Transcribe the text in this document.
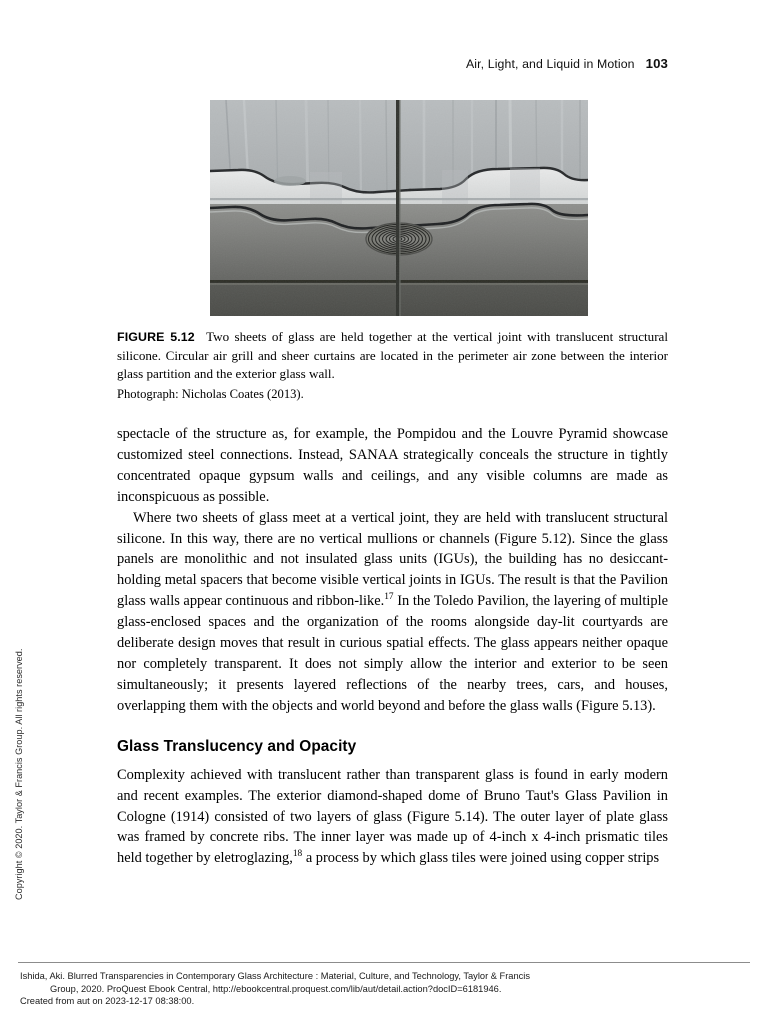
Air, Light, and Liquid in Motion 103
FIGURE 5.12 Two sheets of glass are held together at the vertical joint with translucent structural silicone. Circular air grill and sheer curtains are located in the perimeter air zone between the interior glass partition and the exterior glass wall.
Photograph: Nicholas Coates (2013).

spectacle of the structure as, for example, the Pompidou and the Louvre Pyramid showcase customized steel connections. Instead, SANAA strategically conceals the structure in tightly concentrated opaque gypsum walls and ceilings, and any visible columns are made as inconspicuous as possible.

Where two sheets of glass meet at a vertical joint, they are held with translucent structural silicone. In this way, there are no vertical mullions or channels (Figure 5.12). Since the glass panels are monolithic and not insulated glass units (IGUs), the building has no desiccant-holding metal spacers that become visible vertical joints in IGUs. The result is that the Pavilion glass walls appear continuous and ribbon-like.$^{17}$ In the Toledo Pavilion, the layering of multiple glass-enclosed spaces and the organization of the rooms alongside day-lit courtyards are deliberate design moves that result in curious spatial effects. The glass appears neither opaque nor completely transparent. It does not simply allow the interior and exterior to be seen simultaneously; it presents layered reflections of the nearby trees, cars, and houses, overlapping them with the objects and world beyond and before the glass walls (Figure 5.13).

Glass Translucency and Opacity

Complexity achieved with translucent rather than transparent glass is found in early modern and recent examples. The exterior diamond-shaped dome of Bruno Taut's Glass Pavilion in Cologne (1914) consisted of two layers of glass (Figure 5.14). The outer layer of plate glass was framed by concrete ribs. The inner layer was made up of 4-inch x 4-inch prismatic tiles held together by eletroglazing,$^{18}$ a process by which glass tiles were joined using copper strips

Copyright © 2020. Taylor & Francis Group. All rights reserved.
Ishida, Aki. Blurred Transparencies in Contemporary Glass Architecture : Material, Culture, and Technology, Taylor & Francis
Group, 2020. ProQuest Ebook Central, http://ebookcentral.proquest.com/lib/aut/detail.action?docID=6181946.
Created from aut on 2023-12-17 08:38:00.
